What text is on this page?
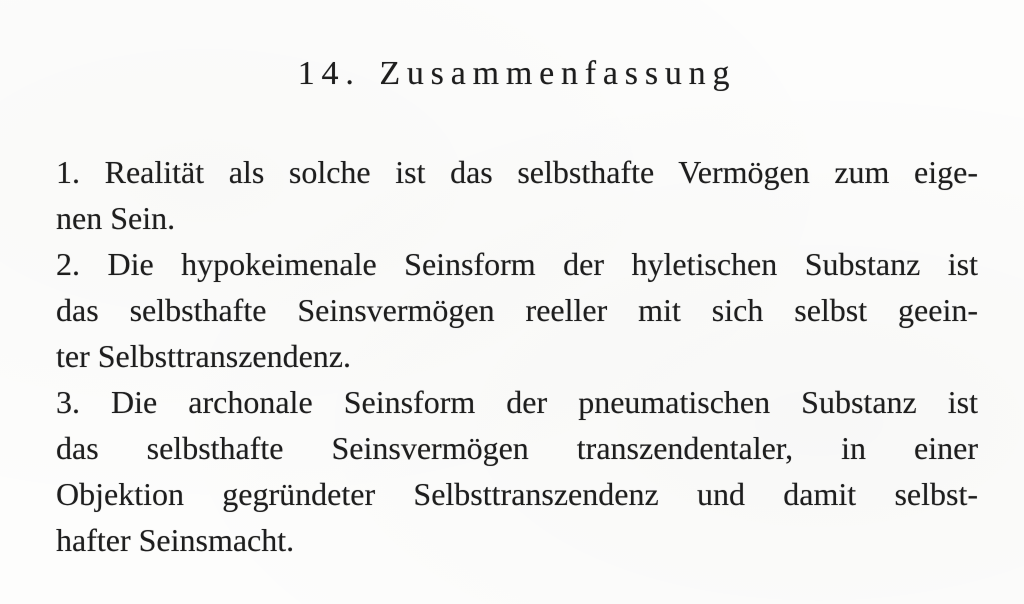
14. Zusammenfassung
1. Realität als solche ist das selbsthafte Vermögen zum eige-
nen Sein.
2. Die hypokeimenale Seinsform der hyletischen Substanz ist
das selbsthafte Seinsvermögen reeller mit sich selbst geein-
ter Selbsttranszendenz.
3. Die archonale Seinsform der pneumatischen Substanz ist
das selbsthafte Seinsvermögen transzendentaler, in einer
Objektion gegründeter Selbsttranszendenz und damit selbst-
hafter Seinsmacht.
